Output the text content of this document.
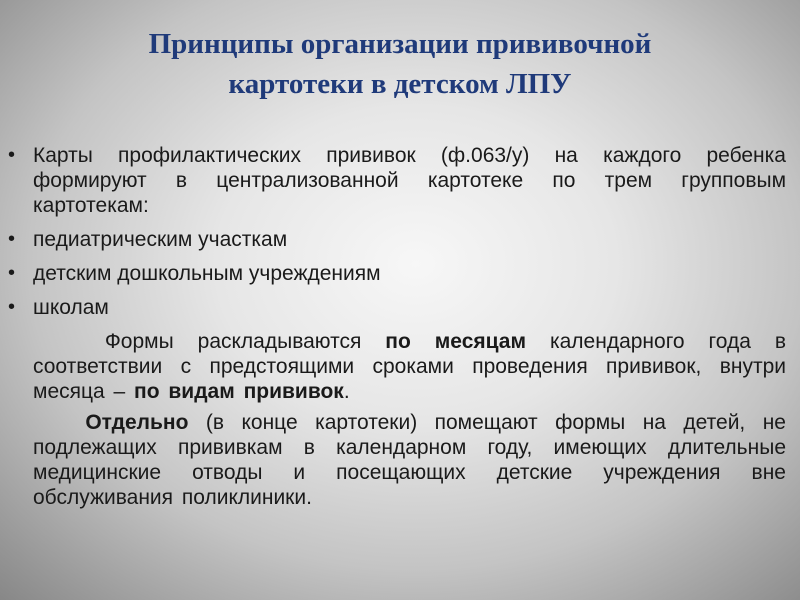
Принципы организации прививочной
картотеки в детском ЛПУ
• Карты профилактических прививок (ф.063/у) на каждого ребенка формируют в централизованной картотеке по трем групповым картотекам:
• педиатрическим участкам
• детским дошкольным учреждениям
• школам
Формы раскладываются по месяцам календарного года в соответствии с предстоящими сроками проведения прививок, внутри месяца – по видам прививок.
Отдельно (в конце картотеки) помещают формы на детей, не подлежащих прививкам в календарном году, имеющих длительные медицинские отводы и посещающих детские учреждения вне обслуживания поликлиники.
